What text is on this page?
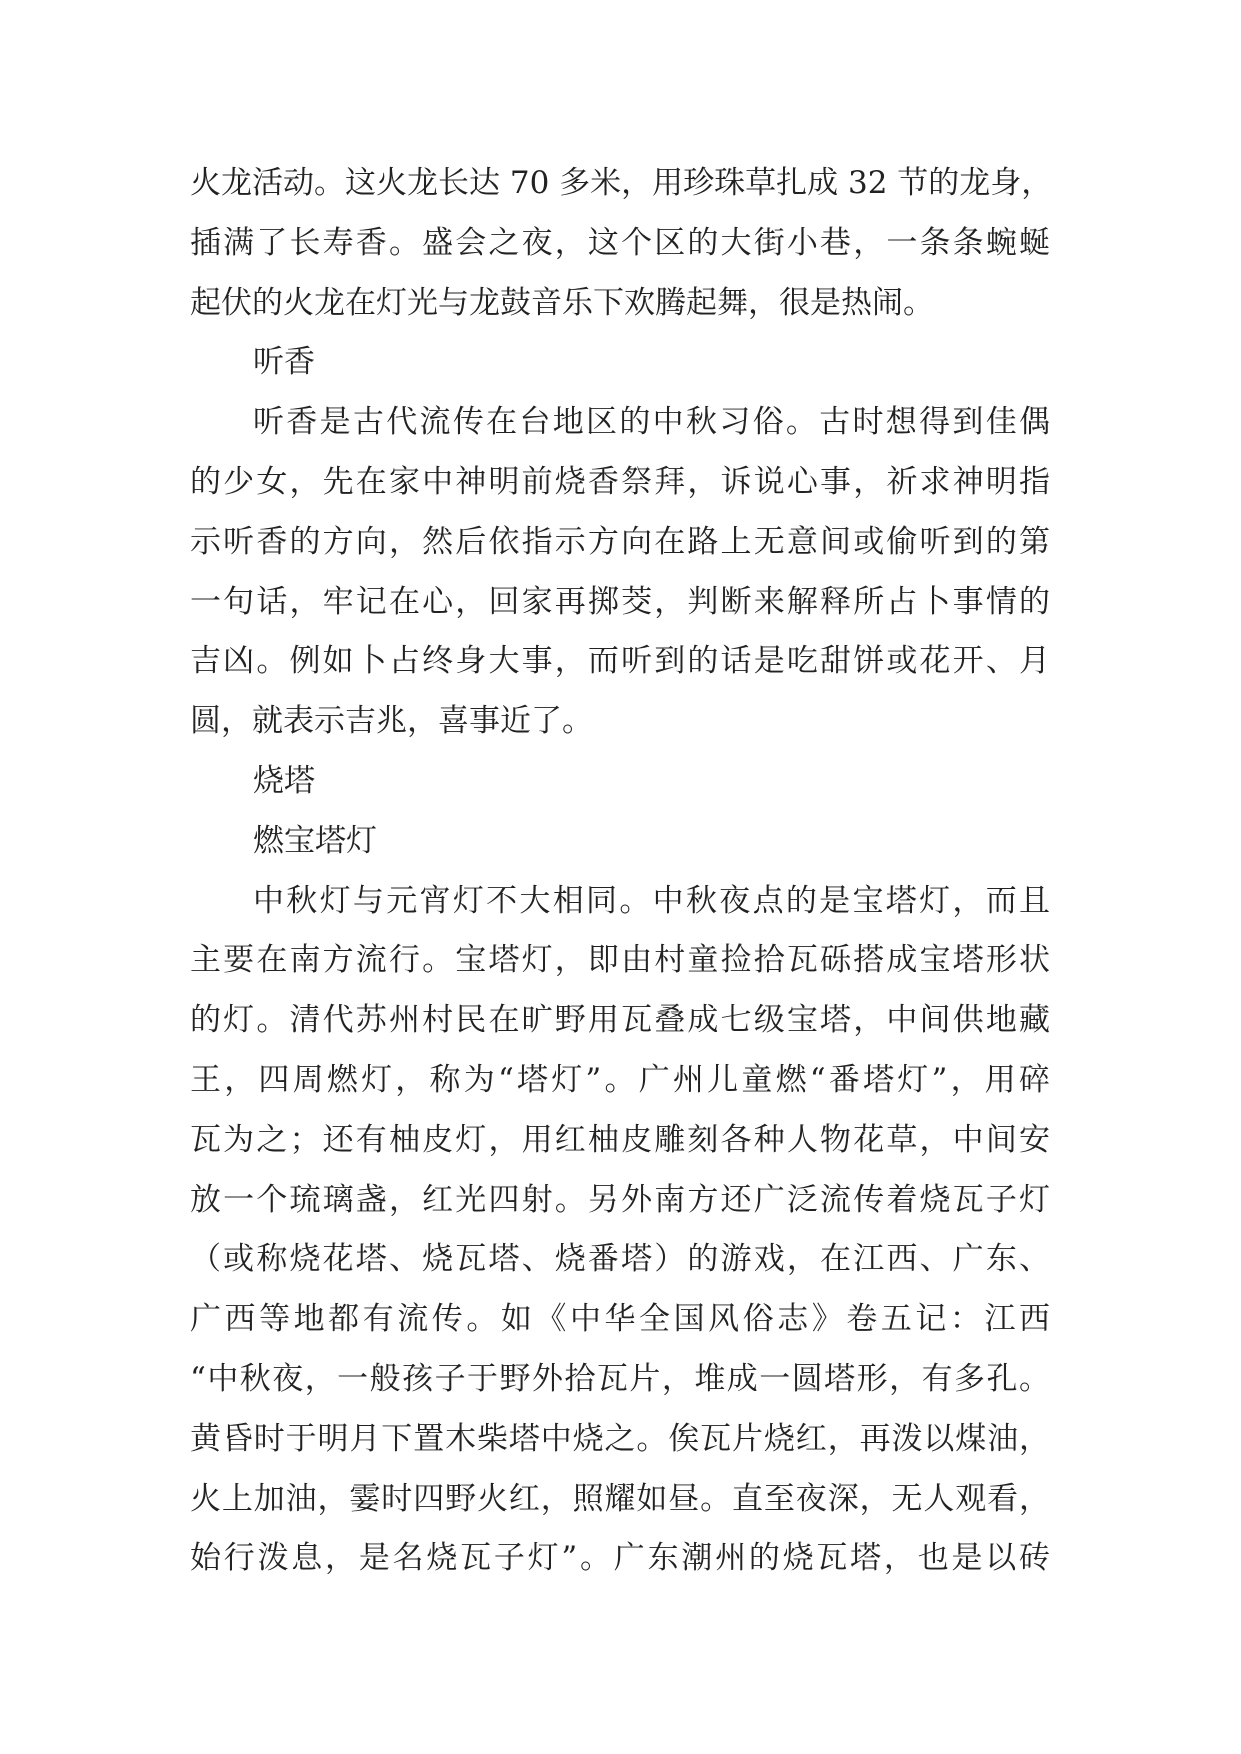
火龙活动。这火龙长达 70 多米，用珍珠草扎成 32 节的龙身，
插满了长寿香。盛会之夜，这个区的大街小巷，一条条蜿蜒
起伏的火龙在灯光与龙鼓音乐下欢腾起舞，很是热闹。
听香
听香是古代流传在台地区的中秋习俗。古时想得到佳偶
的少女，先在家中神明前烧香祭拜，诉说心事，祈求神明指
示听香的方向，然后依指示方向在路上无意间或偷听到的第
一句话，牢记在心，回家再掷茭，判断来解释所占卜事情的
吉凶。例如卜占终身大事，而听到的话是吃甜饼或花开、月
圆，就表示吉兆，喜事近了。
烧塔
燃宝塔灯
中秋灯与元宵灯不大相同。中秋夜点的是宝塔灯，而且
主要在南方流行。宝塔灯，即由村童捡拾瓦砾搭成宝塔形状
的灯。清代苏州村民在旷野用瓦叠成七级宝塔，中间供地藏
王，四周燃灯，称为“塔灯”。广州儿童燃“番塔灯”，用碎
瓦为之；还有柚皮灯，用红柚皮雕刻各种人物花草，中间安
放一个琉璃盏，红光四射。另外南方还广泛流传着烧瓦子灯
（或称烧花塔、烧瓦塔、烧番塔）的游戏，在江西、广东、
广西等地都有流传。如《中华全国风俗志》卷五记：江西
“中秋夜，一般孩子于野外拾瓦片，堆成一圆塔形，有多孔。
黄昏时于明月下置木柴塔中烧之。俟瓦片烧红，再泼以煤油，
火上加油，霎时四野火红，照耀如昼。直至夜深，无人观看，
始行泼息，是名烧瓦子灯”。广东潮州的烧瓦塔，也是以砖
